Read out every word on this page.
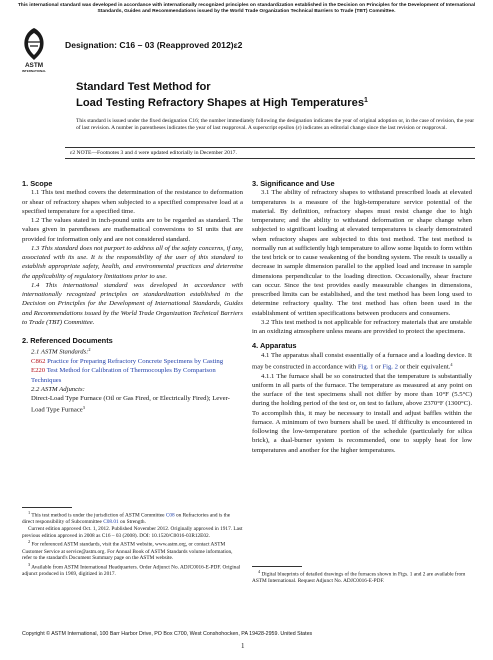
This international standard was developed in accordance with internationally recognized principles on standardization established in the Decision on Principles for the Development of International Standards, Guides and Recommendations issued by the World Trade Organization Technical Barriers to Trade (TBT) Committee.
ASTM
INTERNATIONAL
Designation: C16 – 03 (Reapproved 2012)ε2
Standard Test Method for
Load Testing Refractory Shapes at High Temperatures$^1$
This standard is issued under the fixed designation C16; the number immediately following the designation indicates the year of original adoption or, in the case of revision, the year of last revision. A number in parentheses indicates the year of last reapproval. A superscript epsilon (ε) indicates an editorial change since the last revision or reapproval.
ε2 NOTE—Footnotes 3 and 4 were updated editorially in December 2017.
1. Scope

1.1 This test method covers the determination of the resistance to deformation or shear of refractory shapes when subjected to a specified compressive load at a specified temperature for a specified time.

1.2 The values stated in inch-pound units are to be regarded as standard. The values given in parentheses are mathematical conversions to SI units that are provided for information only and are not considered standard.

1.3 This standard does not purport to address all of the safety concerns, if any, associated with its use. It is the responsibility of the user of this standard to establish appropriate safety, health, and environmental practices and determine the applicability of regulatory limitations prior to use.

1.4 This international standard was developed in accordance with internationally recognized principles on standardization established in the Decision on Principles for the Development of International Standards, Guides and Recommendations issued by the World Trade Organization Technical Barriers to Trade (TBT) Committee.

2. Referenced Documents

2.1 ASTM Standards:$^2$

C862 Practice for Preparing Refractory Concrete Specimens by Casting

E220 Test Method for Calibration of Thermocouples By Comparison Techniques

2.2 ASTM Adjuncts:

Direct-Load Type Furnace (Oil or Gas Fired, or Electrically Fired); Lever-Load Type Furnace$^3$

$^1$ This test method is under the jurisdiction of ASTM Committee C08 on Refractories and is the direct responsibility of Subcommittee C08.01 on Strength.

Current edition approved Oct. 1, 2012. Published November 2012. Originally approved in 1917. Last previous edition approved in 2008 as C16 – 03 (2008). DOI: 10.1520/C0016-03R12E02.

$^2$ For referenced ASTM standards, visit the ASTM website, www.astm.org, or contact ASTM Customer Service at service@astm.org. For Annual Book of ASTM Standards volume information, refer to the standard's Document Summary page on the ASTM website.

$^3$ Available from ASTM International Headquarters. Order Adjunct No. ADJC0016-E-PDF. Original adjunct produced in 1969, digitized in 2017.

3. Significance and Use

3.1 The ability of refractory shapes to withstand prescribed loads at elevated temperatures is a measure of the high-temperature service potential of the material. By definition, refractory shapes must resist change due to high temperature; and the ability to withstand deformation or shape change when subjected to significant loading at elevated temperatures is clearly demonstrated when refractory shapes are subjected to this test method. The test method is normally run at sufficiently high temperature to allow some liquids to form within the test brick or to cause weakening of the bonding system. The result is usually a decrease in sample dimension parallel to the applied load and increase in sample dimensions perpendicular to the loading direction. Occasionally, shear fracture can occur. Since the test provides easily measurable changes in dimensions, prescribed limits can be established, and the test method has been long used to determine refractory quality. The test method has often been used in the establishment of written specifications between producers and consumers.

3.2 This test method is not applicable for refractory materials that are unstable in an oxidizing atmosphere unless means are provided to protect the specimens.

4. Apparatus

4.1 The apparatus shall consist essentially of a furnace and a loading device. It may be constructed in accordance with Fig. 1 or Fig. 2 or their equivalent.$^4$

4.1.1 The furnace shall be so constructed that the temperature is substantially uniform in all parts of the furnace. The temperature as measured at any point on the surface of the test specimens shall not differ by more than 10°F (5.5°C) during the holding period of the test or, on test to failure, above 2370°F (1300°C). To accomplish this, it may be necessary to install and adjust baffles within the furnace. A minimum of two burners shall be used. If difficulty is encountered in following the low-temperature portion of the schedule (particularly for silica brick), a dual-burner system is recommended, one to supply heat for low temperatures and another for the higher temperatures.

$^4$ Digital blueprints of detailed drawings of the furnaces shown in Figs. 1 and 2 are available from ASTM International. Request Adjunct No. ADJC0016-E-PDF.

Copyright © ASTM International, 100 Barr Harbor Drive, PO Box C700, West Conshohocken, PA 19428-2959. United States
1
